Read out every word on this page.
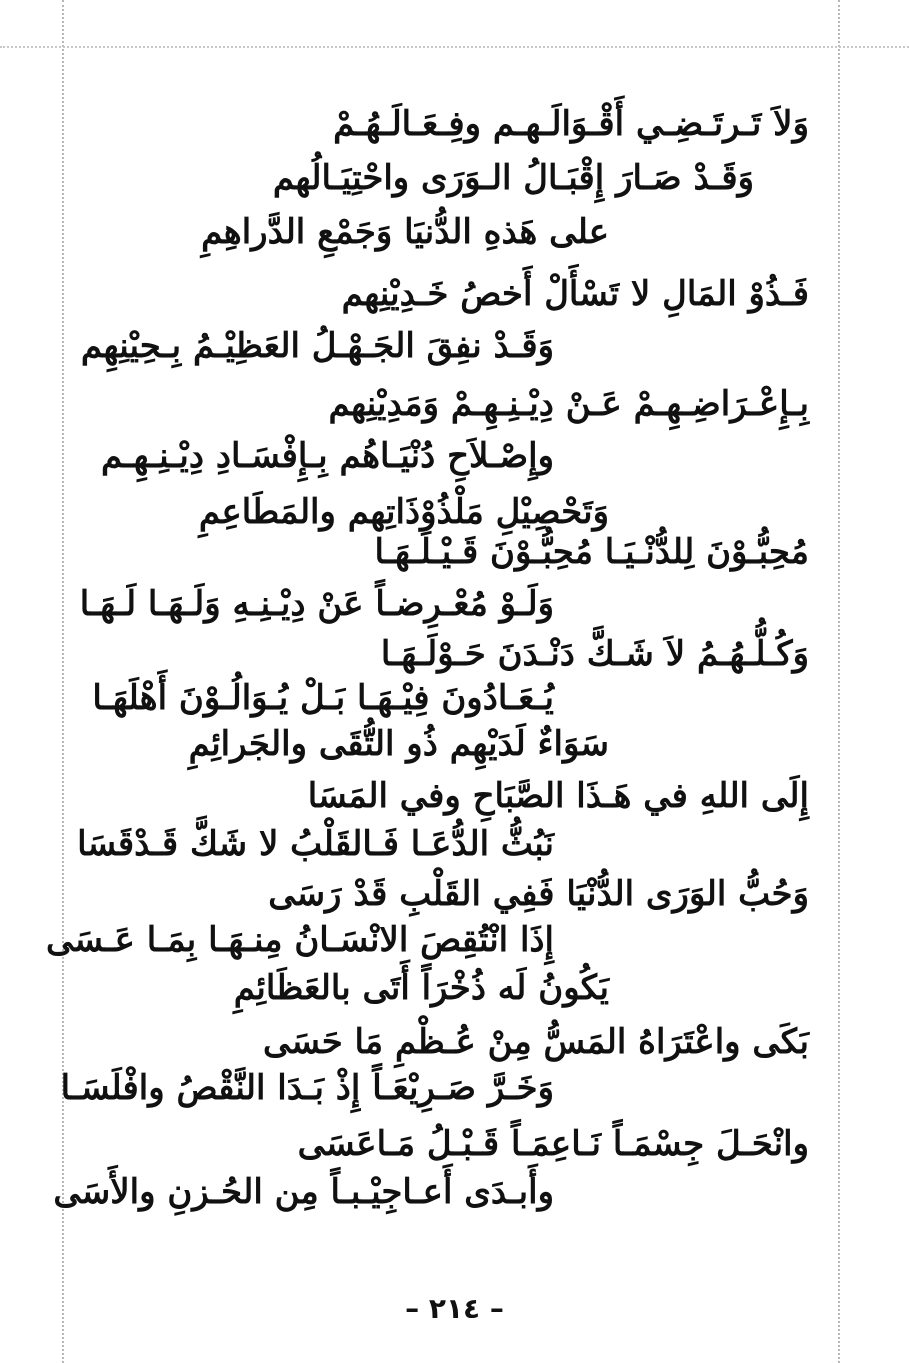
وَلاَ تَـرتَـضِـي أَقْـوَالَـهـم وفِـعَـالَـهُـمْ
وَقَـدْ صَـارَ إِقْبَـالُ الـوَرَى واحْتِيَـالُهم
على هَذهِ الدُّنيَا وَجَمْعِ الدَّراهِمِ
فَـذُوْ المَالِ لا تَسْأَلْ أَخصُ خَـدِيْنِهم
وَقَـدْ نفِقَ الجَـهْـلُ العَظِيْـمُ بِـحِيْنِهِم
بِـإِعْـرَاضِـهِـمْ عَـنْ دِيْـنِـهِـمْ وَمَدِيْنِهم
وإِصْـلاَحِ دُنْيَـاهُم بِـإِفْسَـادِ دِيْـنِـهِـم
وَتَحْصِيْلِ مَلْذُوْذَاتِهم والمَطَاعِمِ
مُحِبُّـوْنَ لِلدُّنْـيَـا مُحِبُّـوْنَ قَـيْـلَـهَـا
وَلَـوْ مُعْـرِضـاً عَنْ دِيْـنِـهِ وَلَـهَـا لَـهَـا
وَكُـلُّـهُـمُ لاَ شَـكَّ دَنْـدَنَ حَـوْلَـهَـا
يُـعَـادُونَ فِيْـهَـا بَـلْ يُـوَالُـوْنَ أَهْلَهَـا
سَوَاءٌ لَدَيْهِم ذُو التُّقَى والجَرائِمِ
إِلَى اللهِ في هَـذَا الصَّبَاحِ وفي المَسَا
نَبُثُّ الدُّعَـا فَـالقَلْبُ لا شَكَّ قَـدْقَسَا
وَحُبُّ الوَرَى الدُّنْيَا فَفِي القَلْبِ قَدْ رَسَى
إِذَا انْتُقِصَ الانْسَـانُ مِنـهَـا بِمَـا عَـسَى
يَكُونُ لَه ذُخْرَاً أَتَى بالعَظَائِمِ
بَكَى واعْتَرَاهُ المَسُّ مِنْ عُـظْمِ مَا حَسَى
وَخَـرَّ صَـرِيْعَـاً إِذْ بَـدَا النَّقْصُ وافْلَسَـا
وانْحَـلَ جِسْمَـاً نَـاعِمَـاً قَـبْـلُ مَـاعَسَى
وأَبـدَى أَعـاجِيْـبـاً مِن الحُـزنِ والأَسَى
– ٢١٤ –
